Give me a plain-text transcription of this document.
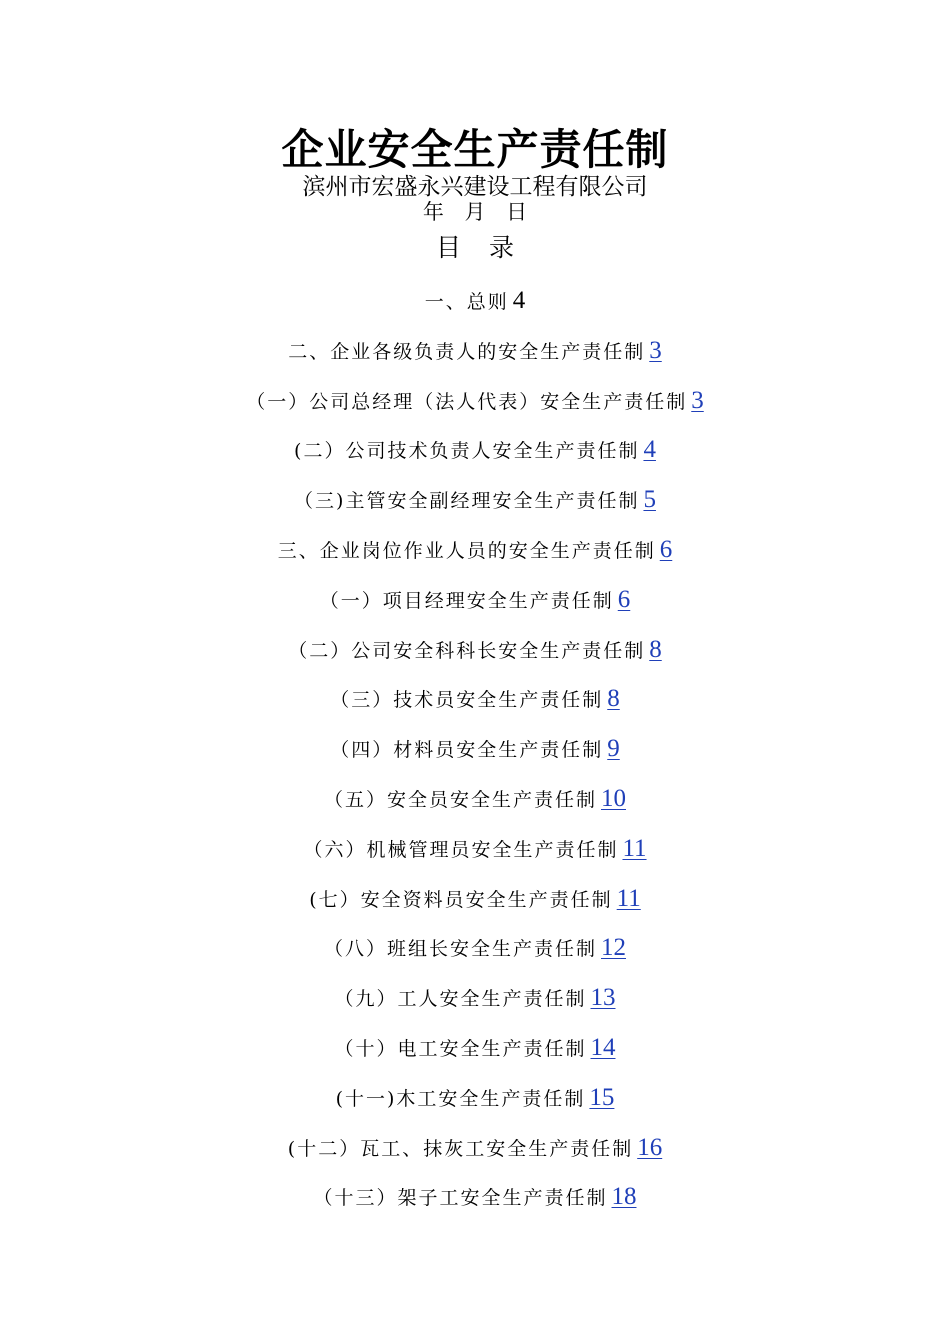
企业安全生产责任制
滨州市宏盛永兴建设工程有限公司
年 月 日
目录
一、总则 4
二、企业各级负责人的安全生产责任制 3
（一）公司总经理（法人代表）安全生产责任制 3
(二）公司技术负责人安全生产责任制 4
（三)主管安全副经理安全生产责任制 5
三、企业岗位作业人员的安全生产责任制 6
（一）项目经理安全生产责任制 6
（二）公司安全科科长安全生产责任制 8
（三）技术员安全生产责任制 8
（四）材料员安全生产责任制 9
（五）安全员安全生产责任制 10
（六）机械管理员安全生产责任制 11
(七）安全资料员安全生产责任制 11
（八）班组长安全生产责任制 12
（九）工人安全生产责任制 13
（十）电工安全生产责任制 14
(十一)木工安全生产责任制 15
(十二）瓦工、抹灰工安全生产责任制 16
（十三）架子工安全生产责任制 18
